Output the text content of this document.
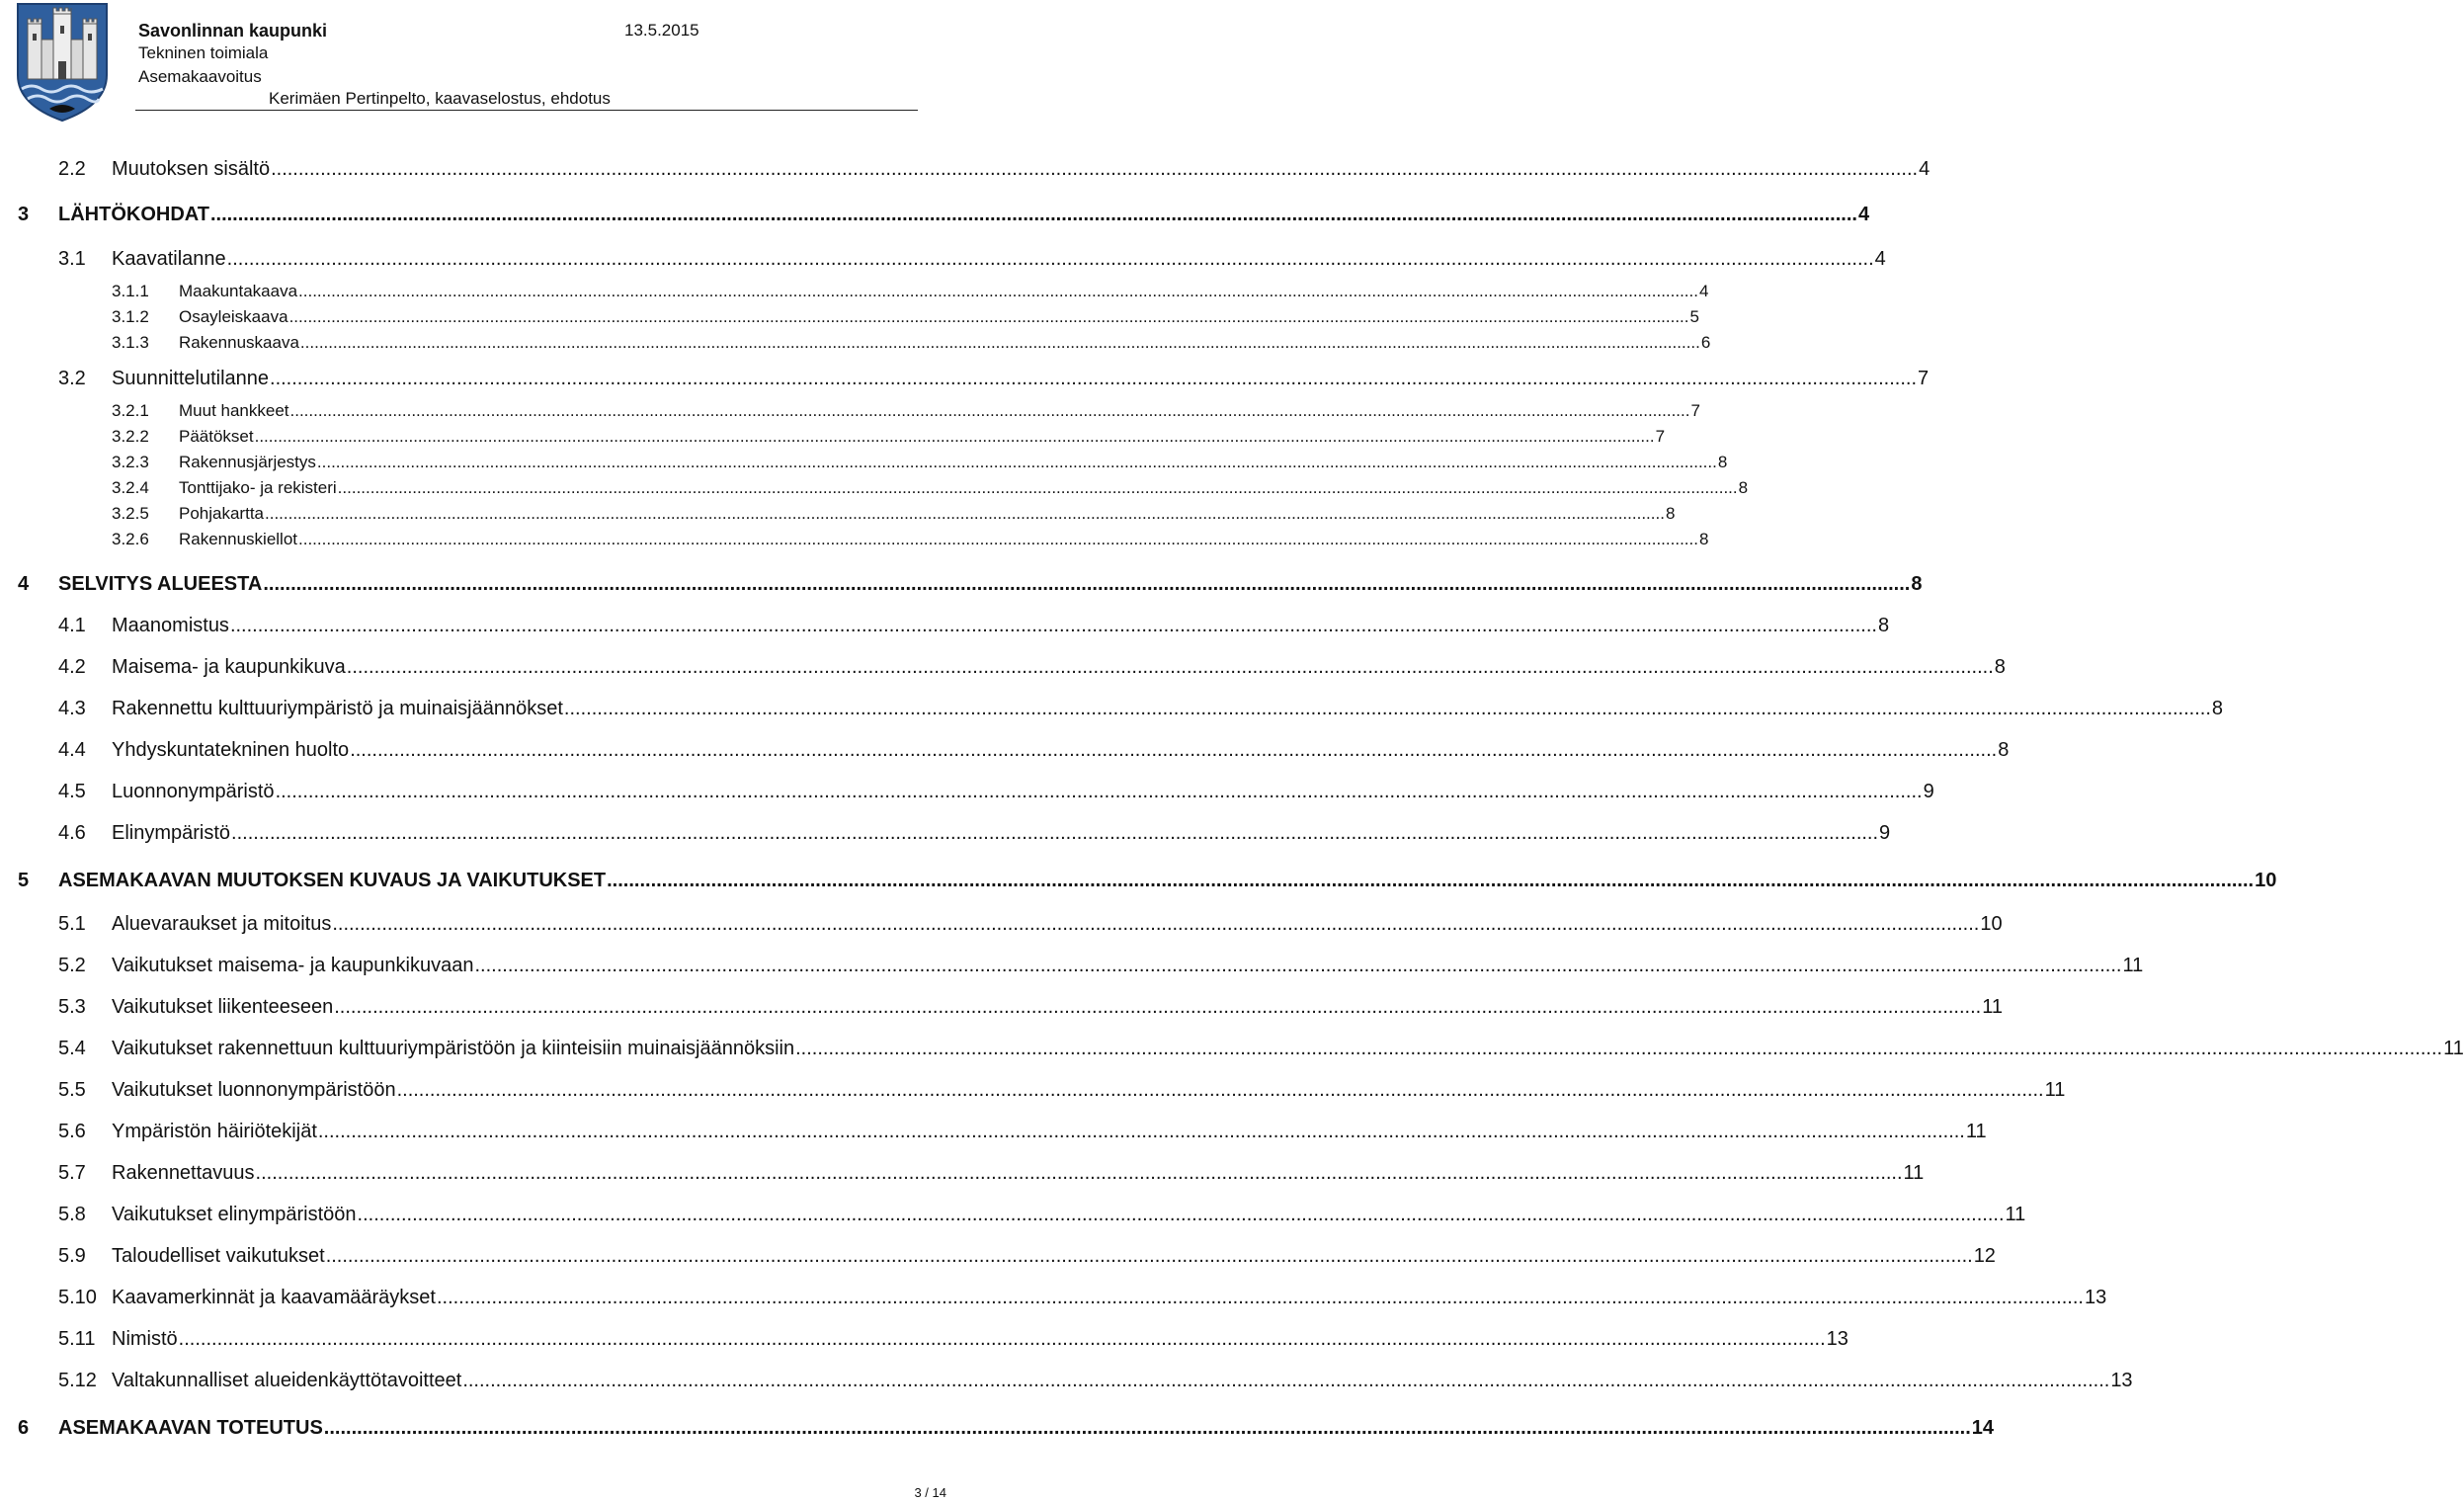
Savonlinnan kaupunki	13.5.2015
Tekninen toimiala
Asemakaavoitus
Kerimäen Pertinpelto, kaavaselostus, ehdotus
2.2 Muutoksen sisältö ............................................................................................................................................................................................................................................................................................................ 4
3 LÄHTÖKOHDAT ............................................................................................................................................................................................................................................................................................................ 4
3.1 Kaavatilanne ............................................................................................................................................................................................................................................................................................................ 4
3.1.1 Maakuntakaava ............................................................................................................................................................................................................................................................................................................ 4
3.1.2 Osayleiskaava ............................................................................................................................................................................................................................................................................................................ 5
3.1.3 Rakennuskaava ............................................................................................................................................................................................................................................................................................................ 6
3.2 Suunnittelutilanne ............................................................................................................................................................................................................................................................................................................ 7
3.2.1 Muut hankkeet ............................................................................................................................................................................................................................................................................................................ 7
3.2.2 Päätökset ............................................................................................................................................................................................................................................................................................................ 7
3.2.3 Rakennusjärjestys ............................................................................................................................................................................................................................................................................................................ 8
3.2.4 Tonttijako- ja rekisteri ............................................................................................................................................................................................................................................................................................................ 8
3.2.5 Pohjakartta ............................................................................................................................................................................................................................................................................................................ 8
3.2.6 Rakennuskiellot ............................................................................................................................................................................................................................................................................................................ 8
4 SELVITYS ALUEESTA ............................................................................................................................................................................................................................................................................................................ 8
4.1 Maanomistus ............................................................................................................................................................................................................................................................................................................ 8
4.2 Maisema- ja kaupunkikuva ............................................................................................................................................................................................................................................................................................................ 8
4.3 Rakennettu kulttuuriympäristö ja muinaisjäännökset ............................................................................................................................................................................................................................................................................................................ 8
4.4 Yhdyskuntatekninen huolto ............................................................................................................................................................................................................................................................................................................ 8
4.5 Luonnonympäristö ............................................................................................................................................................................................................................................................................................................ 9
4.6 Elinympäristö ............................................................................................................................................................................................................................................................................................................ 9
5 ASEMAKAAVAN MUUTOKSEN KUVAUS JA VAIKUTUKSET ............................................................................................................................................................................................................................................................................................................ 10
5.1 Aluevaraukset ja mitoitus ............................................................................................................................................................................................................................................................................................................ 10
5.2 Vaikutukset maisema- ja kaupunkikuvaan ............................................................................................................................................................................................................................................................................................................ 11
5.3 Vaikutukset liikenteeseen ............................................................................................................................................................................................................................................................................................................ 11
5.4 Vaikutukset rakennettuun kulttuuriympäristöön ja kiinteisiin muinaisjäännöksiin ............................................................................................................................................................................................................................................................................................................ 11
5.5 Vaikutukset luonnonympäristöön ............................................................................................................................................................................................................................................................................................................ 11
5.6 Ympäristön häiriötekijät ............................................................................................................................................................................................................................................................................................................ 11
5.7 Rakennettavuus ............................................................................................................................................................................................................................................................................................................ 11
5.8 Vaikutukset elinympäristöön ............................................................................................................................................................................................................................................................................................................ 11
5.9 Taloudelliset vaikutukset ............................................................................................................................................................................................................................................................................................................ 12
5.10 Kaavamerkinnät ja kaavamääräykset ............................................................................................................................................................................................................................................................................................................ 13
5.11 Nimistö ............................................................................................................................................................................................................................................................................................................ 13
5.12 Valtakunnalliset alueidenkäyttötavoitteet ............................................................................................................................................................................................................................................................................................................ 13
6 ASEMAKAAVAN TOTEUTUS ............................................................................................................................................................................................................................................................................................................ 14
3 / 14
